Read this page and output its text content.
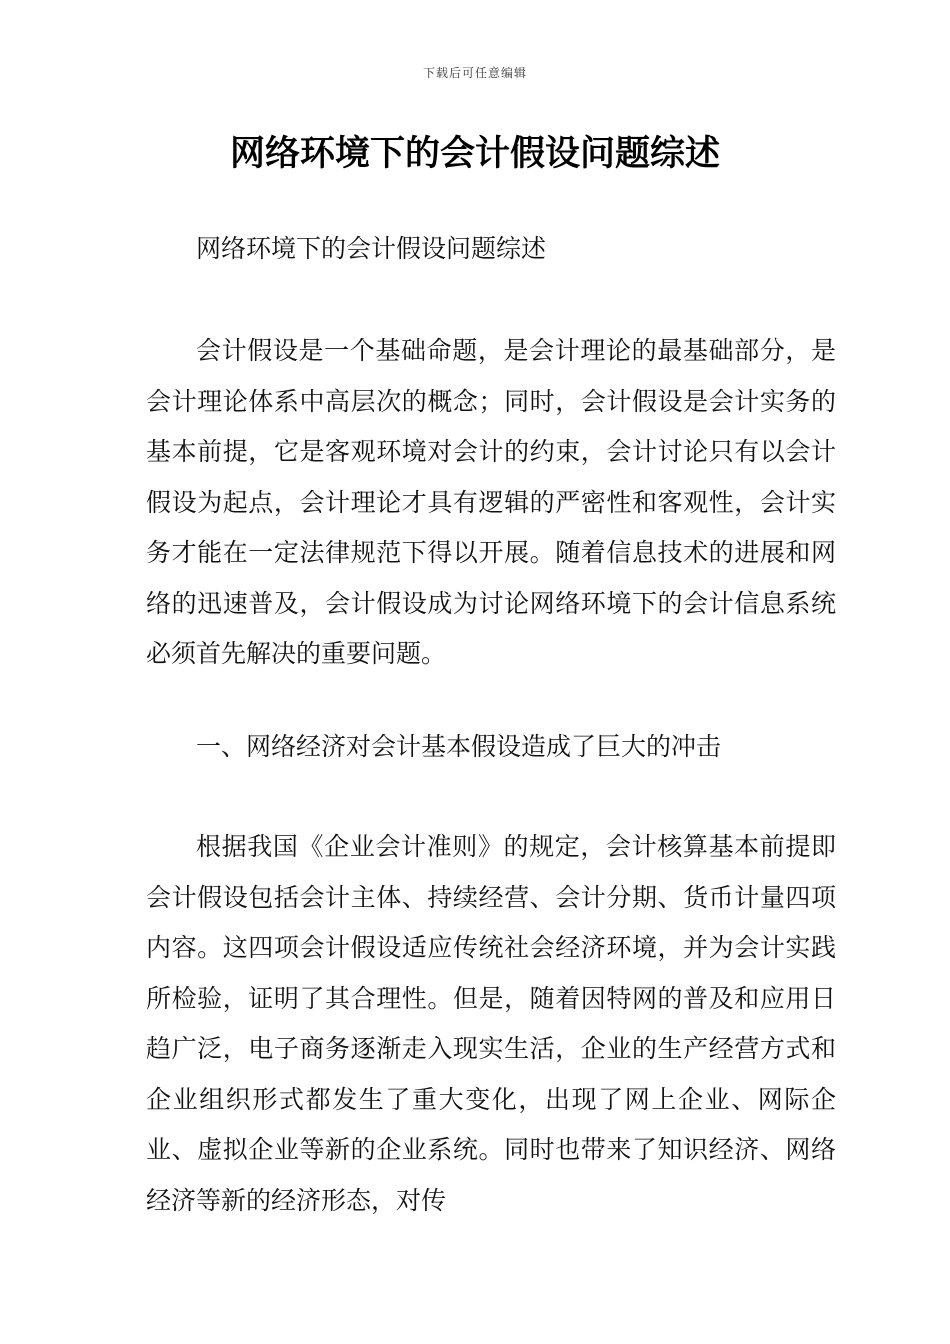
下载后可任意编辑
网络环境下的会计假设问题综述
网络环境下的会计假设问题综述
会计假设是一个基础命题，是会计理论的最基础部分，是会计理论体系中高层次的概念；同时，会计假设是会计实务的基本前提，它是客观环境对会计的约束，会计讨论只有以会计假设为起点，会计理论才具有逻辑的严密性和客观性，会计实务才能在一定法律规范下得以开展。随着信息技术的进展和网络的迅速普及，会计假设成为讨论网络环境下的会计信息系统必须首先解决的重要问题。
一、网络经济对会计基本假设造成了巨大的冲击
根据我国《企业会计准则》的规定，会计核算基本前提即会计假设包括会计主体、持续经营、会计分期、货币计量四项内容。这四项会计假设适应传统社会经济环境，并为会计实践所检验，证明了其合理性。但是，随着因特网的普及和应用日趋广泛，电子商务逐渐走入现实生活，企业的生产经营方式和企业组织形式都发生了重大变化，出现了网上企业、网际企业、虚拟企业等新的企业系统。同时也带来了知识经济、网络经济等新的经济形态，对传
